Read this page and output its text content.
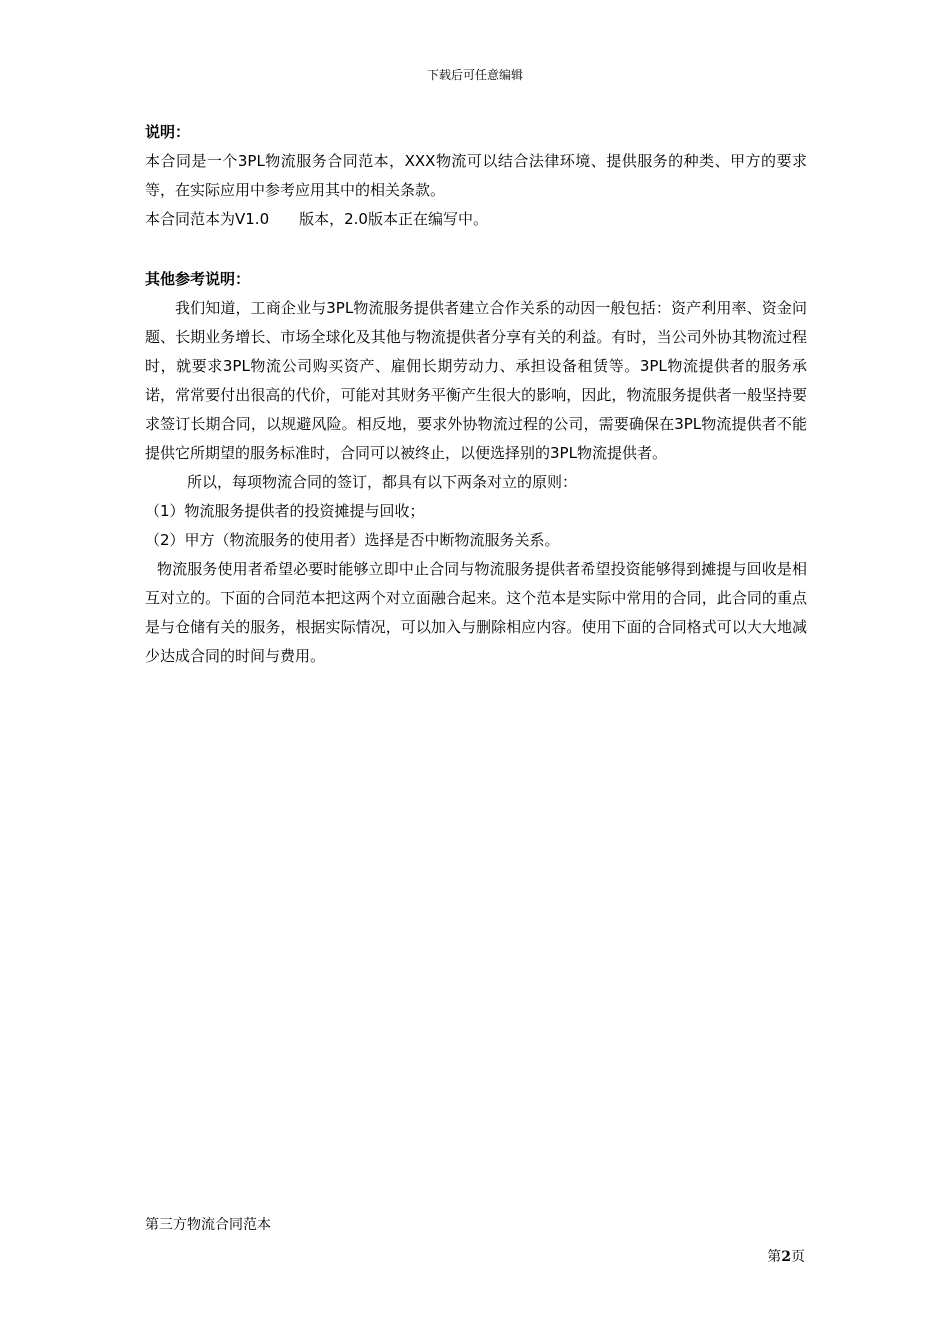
下载后可任意编辑

说明：

本合同是一个3PL物流服务合同范本，XXX物流可以结合法律环境、提供服务的种类、甲方的要求等，在实际应用中参考应用其中的相关条款。

本合同范本为V1.0　　版本，2.0版本正在编写中。

其他参考说明：

我们知道，工商企业与3PL物流服务提供者建立合作关系的动因一般包括：资产利用率、资金问题、长期业务增长、市场全球化及其他与物流提供者分享有关的利益。有时，当公司外协其物流过程时，就要求3PL物流公司购买资产、雇佣长期劳动力、承担设备租赁等。3PL物流提供者的服务承诺，常常要付出很高的代价，可能对其财务平衡产生很大的影响，因此，物流服务提供者一般坚持要求签订长期合同，以规避风险。相反地，要求外协物流过程的公司，需要确保在3PL物流提供者不能提供它所期望的服务标准时，合同可以被终止，以便选择别的3PL物流提供者。

所以，每项物流合同的签订，都具有以下两条对立的原则：

（1）物流服务提供者的投资摊提与回收；

（2）甲方（物流服务的使用者）选择是否中断物流服务关系。

物流服务使用者希望必要时能够立即中止合同与物流服务提供者希望投资能够得到摊提与回收是相互对立的。下面的合同范本把这两个对立面融合起来。这个范本是实际中常用的合同，此合同的重点是与仓储有关的服务，根据实际情况，可以加入与删除相应内容。使用下面的合同格式可以大大地减少达成合同的时间与费用。

第三方物流合同范本
第2页
